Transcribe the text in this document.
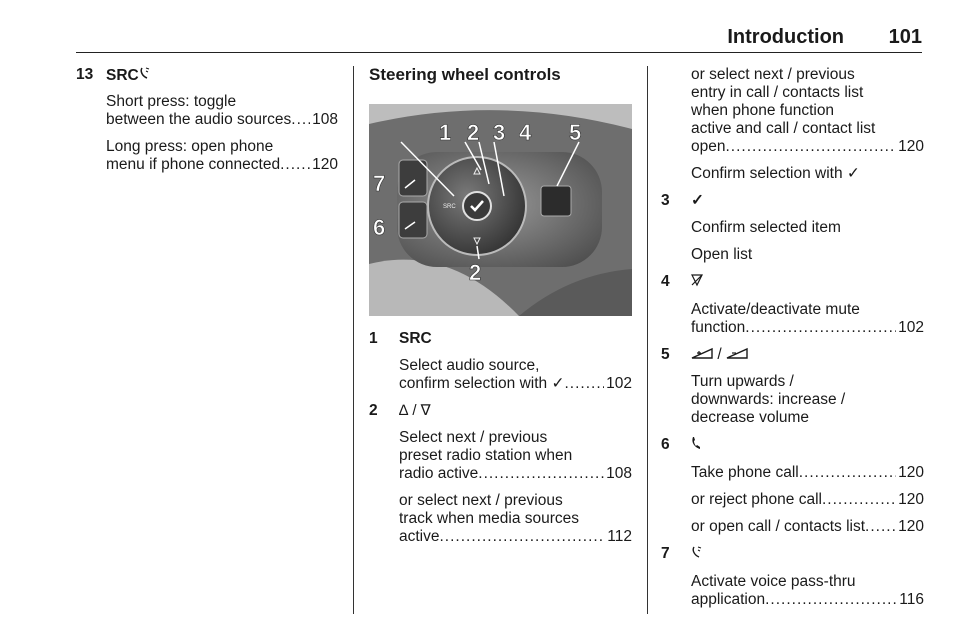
Introduction 101
13 SRC
Short press: toggle
between the audio sources ..... 108
Long press: open phone
menu if phone connected ..... 120
Steering wheel controls
SRC
1 2 3 4 5
7
6
2
1 SRC
Select audio source,
confirm selection with ✓ .....	102
2 ∆ / ∇
Select next / previous
preset radio station when
radio active .....	108
or select next / previous
track when media sources
active .....	112
or select next / previous
entry in call / contacts list
when phone function
active and call / contact list
open .....	120
Confirm selection with ✓
3 ✓
Confirm selected item
Open list
4
Activate/deactivate mute
function .....	102
5	/
Turn upwards /
downwards: increase /
decrease volume
6
Take phone call .....	120
or reject phone call .....	120
or open call / contacts list ..... 120
7
Activate voice pass-thru
application .....	116
